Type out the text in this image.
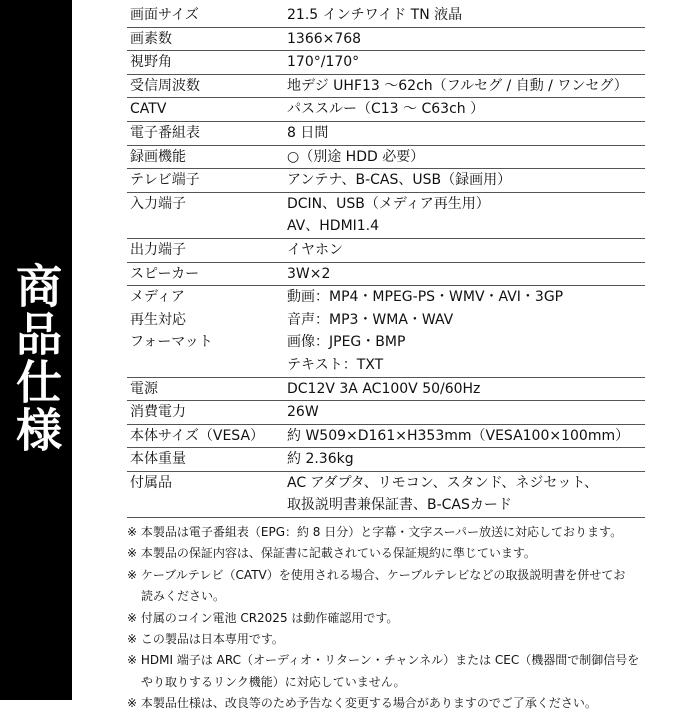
商品仕様
画面サイズ	21.5 インチワイド TN 液晶
画素数	1366×768
視野角	170°/170°
受信周波数	地デジ UHF13 ～62ch（フルセグ / 自動 / ワンセグ）
CATV	パススルー（C13 ～ C63ch ）
電子番組表	8 日間
録画機能	○（別途 HDD 必要）
テレビ端子	アンテナ、B-CAS、USB（録画用）
入力端子	DCIN、USB（メディア再生用）
AV、HDMI1.4
出力端子	イヤホン
スピーカー	3W×2
メディア	動画：MP4・MPEG-PS・WMV・AVI・3GP
再生対応	音声：MP3・WMA・WAV
フォーマット	画像：JPEG・BMP
テキスト：TXT
電源	DC12V 3A AC100V 50/60Hz
消費電力	26W
本体サイズ（VESA）	約 W509×D161×H353mm（VESA100×100mm）
本体重量	約 2.36kg
付属品	AC アダプタ、リモコン、スタンド、ネジセット、
取扱説明書兼保証書、B-CASカード
※ 本製品は電子番組表（EPG：約 8 日分）と字幕・文字スーパー放送に対応しております。
※ 本製品の保証内容は、保証書に記載されている保証規約に準じています。
※ ケーブルテレビ（CATV）を使用される場合、ケーブルテレビなどの取扱説明書を併せてお
読みください。
※ 付属のコイン電池 CR2025 は動作確認用です。
※ この製品は日本専用です。
※ HDMI 端子は ARC（オーディオ・リターン・チャンネル）または CEC（機器間で制御信号を
やり取りするリンク機能）に対応していません。
※ 本製品仕様は、改良等のため予告なく変更する場合がありますのでご了承ください。
